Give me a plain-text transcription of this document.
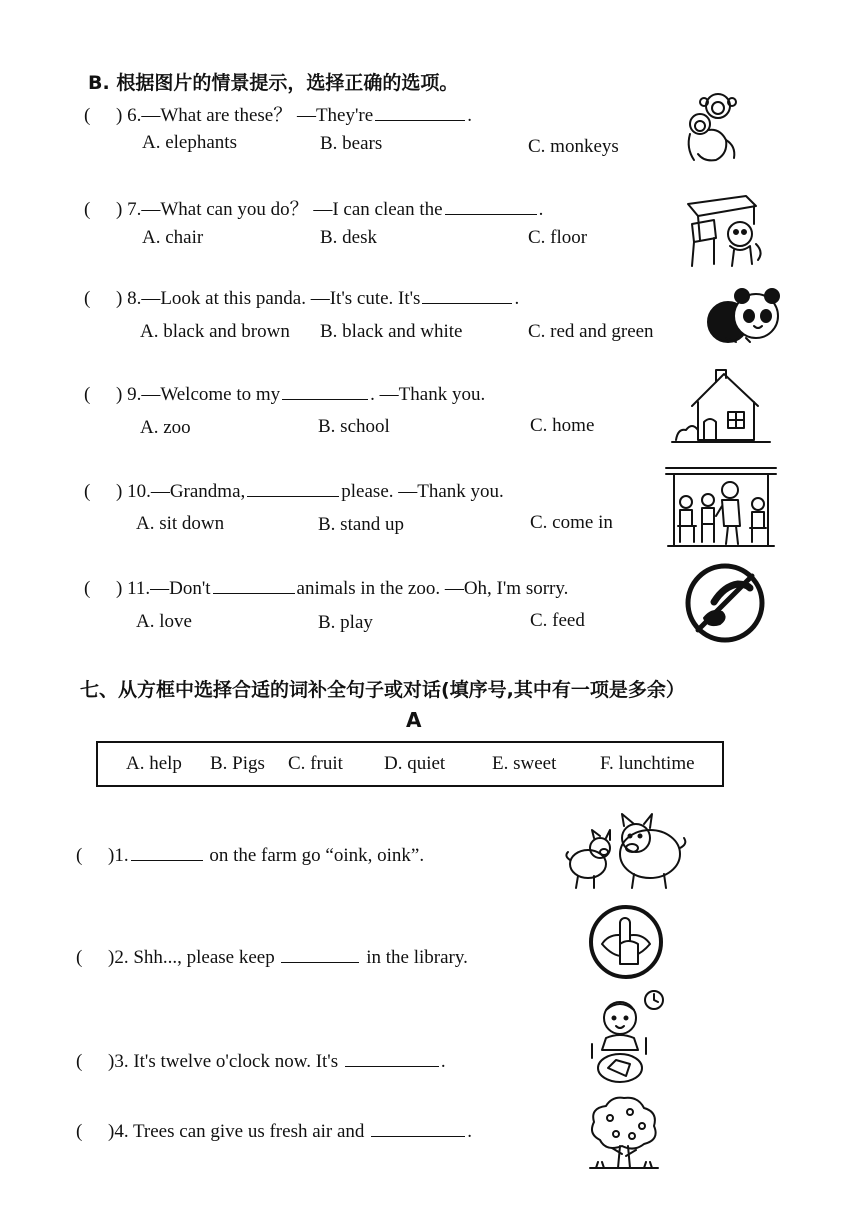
B. 根据图片的情景提示，选择正确的选项。
( ) 6.—What are these？ —They're	.
A. elephants	B. bears	C. monkeys
( ) 7.—What can you do？ —I can clean the	.
A. chair	B. desk	C. floor
( ) 8.—Look at this panda. —It's cute. It's	.
A. black and brown B. black and white	C. red and green
( ) 9.—Welcome to my	. —Thank you.
A. zoo	B. school	C. home
( ) 10.—Grandma,	please. —Thank you.
A. sit down	B. stand up	C. come in
( ) 11.—Don't	animals in the zoo. —Oh, I'm sorry.
A. love	B. play	C. feed
七、从方框中选择合适的词补全句子或对话(填序号,其中有一项是多余）
A
A. help B. Pigs C. fruit D. quiet E. sweet F. lunchtime
( )1.	on the farm go “oink, oink”.
( )2. Shh..., please keep	in the library.
( )3. It's twelve o'clock now. It's	.
( )4. Trees can give us fresh air and	.
